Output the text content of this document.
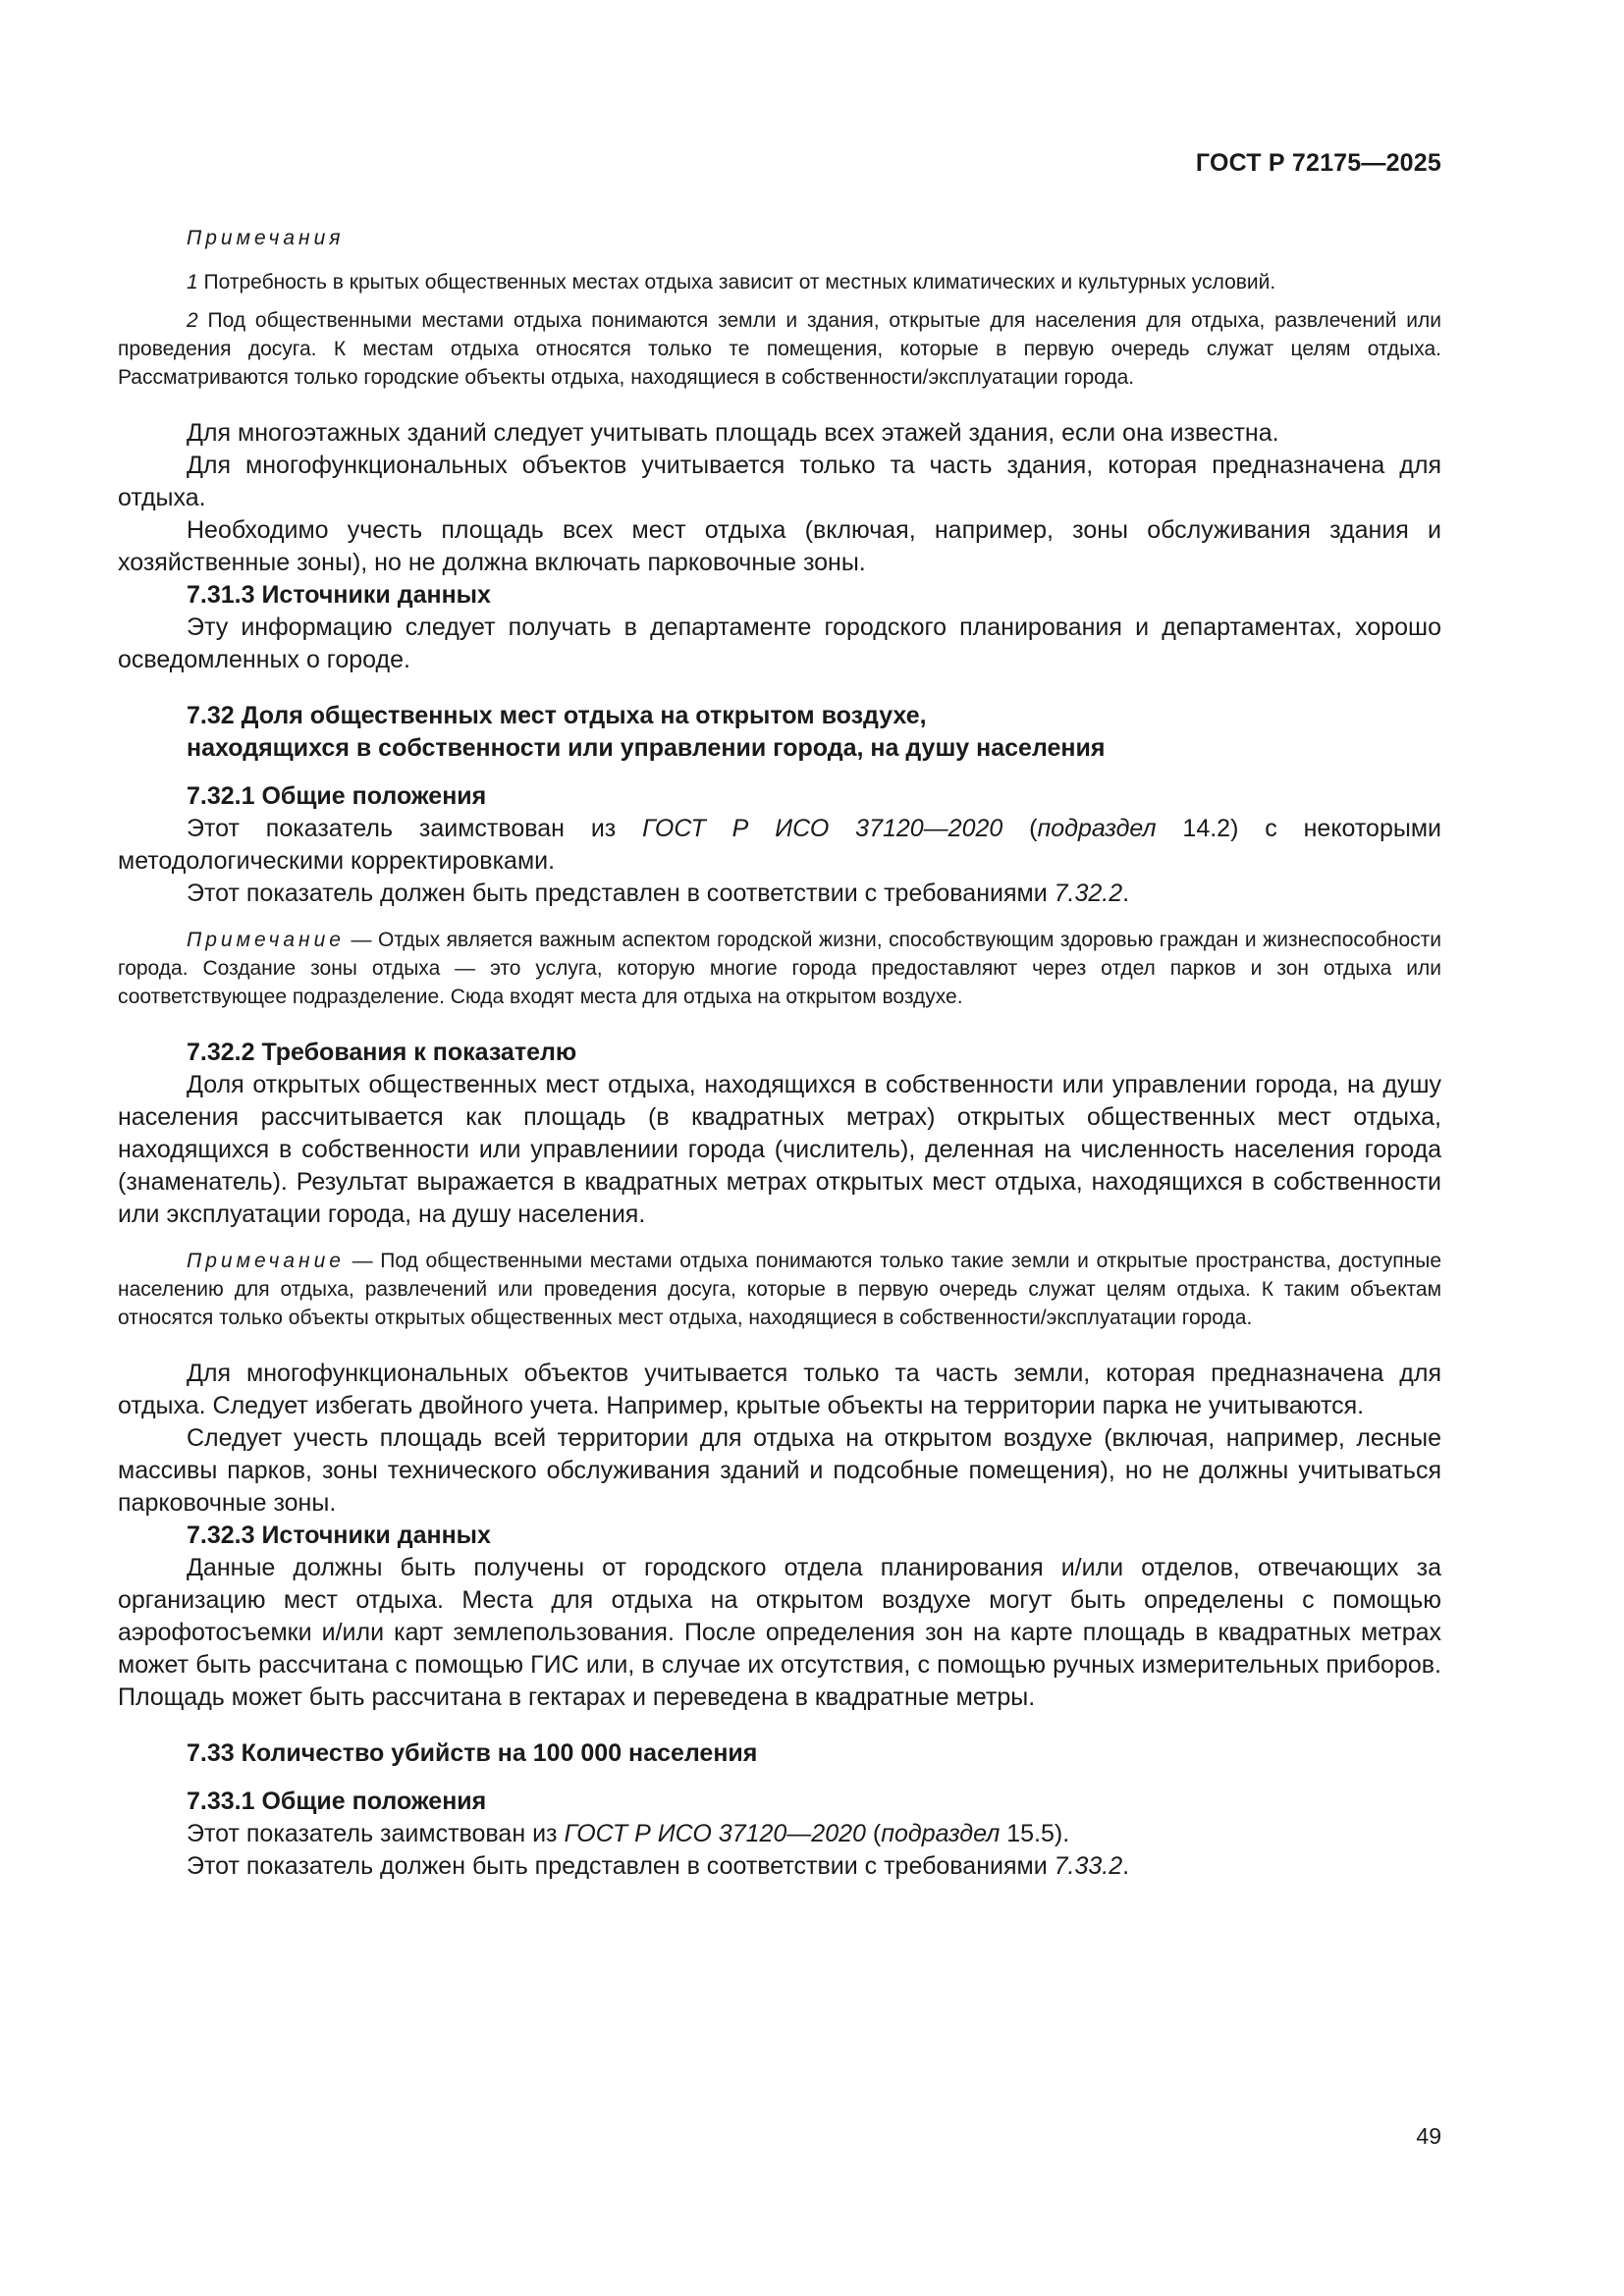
ГОСТ Р 72175—2025
Примечания

1 Потребность в крытых общественных местах отдыха зависит от местных климатических и культурных условий.

2 Под общественными местами отдыха понимаются земли и здания, открытые для населения для отдыха, развлечений или проведения досуга. К местам отдыха относятся только те помещения, которые в первую очередь служат целям отдыха. Рассматриваются только городские объекты отдыха, находящиеся в собственности/эксплуатации города.

Для многоэтажных зданий следует учитывать площадь всех этажей здания, если она известна.

Для многофункциональных объектов учитывается только та часть здания, которая предназначена для отдыха.

Необходимо учесть площадь всех мест отдыха (включая, например, зоны обслуживания здания и хозяйственные зоны), но не должна включать парковочные зоны.

7.31.3 Источники данных

Эту информацию следует получать в департаменте городского планирования и департаментах, хорошо осведомленных о городе.

7.32 Доля общественных мест отдыха на открытом воздухе,
находящихся в собственности или управлении города, на душу населения
7.32.1 Общие положения

Этот показатель заимствован из ГОСТ Р ИСО 37120—2020 (подраздел 14.2) с некоторыми методологическими корректировками.

Этот показатель должен быть представлен в соответствии с требованиями 7.32.2.

Примечание — Отдых является важным аспектом городской жизни, способствующим здоровью граждан и жизнеспособности города. Создание зоны отдыха — это услуга, которую многие города предоставляют через отдел парков и зон отдыха или соответствующее подразделение. Сюда входят места для отдыха на открытом воздухе.

7.32.2 Требования к показателю

Доля открытых общественных мест отдыха, находящихся в собственности или управлении города, на душу населения рассчитывается как площадь (в квадратных метрах) открытых общественных мест отдыха, находящихся в собственности или управлениии города (числитель), деленная на численность населения города (знаменатель). Результат выражается в квадратных метрах открытых мест отдыха, находящихся в собственности или эксплуатации города, на душу населения.

Примечание — Под общественными местами отдыха понимаются только такие земли и открытые пространства, доступные населению для отдыха, развлечений или проведения досуга, которые в первую очередь служат целям отдыха. К таким объектам относятся только объекты открытых общественных мест отдыха, находящиеся в собственности/эксплуатации города.

Для многофункциональных объектов учитывается только та часть земли, которая предназначена для отдыха. Следует избегать двойного учета. Например, крытые объекты на территории парка не учитываются.

Следует учесть площадь всей территории для отдыха на открытом воздухе (включая, например, лесные массивы парков, зоны технического обслуживания зданий и подсобные помещения), но не должны учитываться парковочные зоны.

7.32.3 Источники данных

Данные должны быть получены от городского отдела планирования и/или отделов, отвечающих за организацию мест отдыха. Места для отдыха на открытом воздухе могут быть определены с помощью аэрофотосъемки и/или карт землепользования. После определения зон на карте площадь в квадратных метрах может быть рассчитана с помощью ГИС или, в случае их отсутствия, с помощью ручных измерительных приборов. Площадь может быть рассчитана в гектарах и переведена в квадратные метры.

7.33 Количество убийств на 100 000 населения
7.33.1 Общие положения

Этот показатель заимствован из ГОСТ Р ИСО 37120—2020 (подраздел 15.5).

Этот показатель должен быть представлен в соответствии с требованиями 7.33.2.

49
